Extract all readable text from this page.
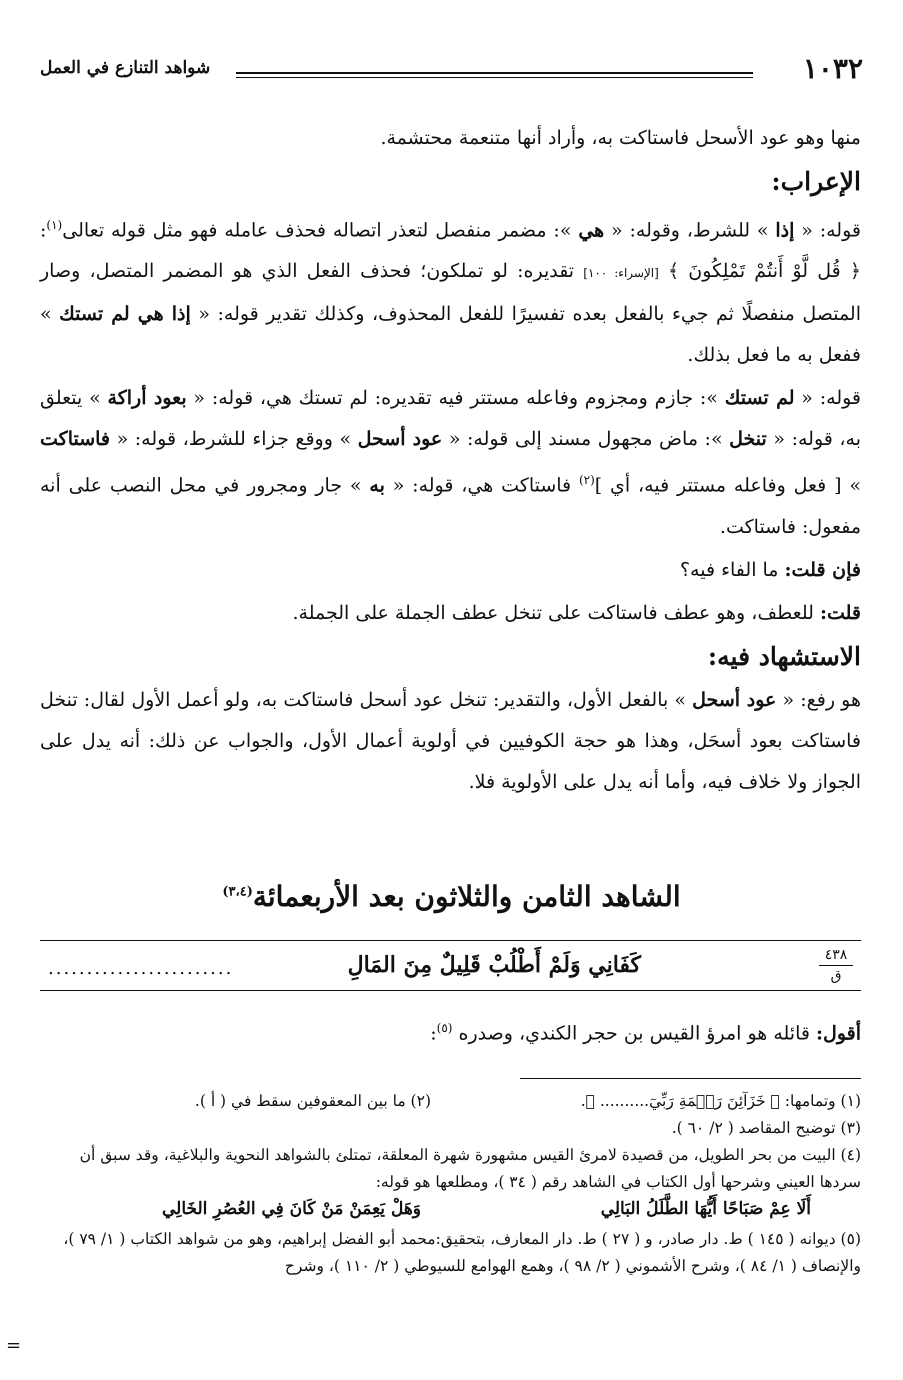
١٠٣٢
شواهد التنازع في العمل

منها وهو عود الأسحل فاستاكت به، وأراد أنها متنعمة محتشمة.

الإعراب:

قوله: « إذا » للشرط، وقوله: « هي »: مضمر منفصل لتعذر اتصاله فحذف عامله فهو مثل قوله تعالى$^{(١)}$: ﴿ قُل لَّوْ أَنتُمْ تَمْلِكُونَ ﴾ [الإسراء: ١٠٠] تقديره: لو تملكون؛ فحذف الفعل الذي هو المضمر المتصل، وصار المتصل منفصلًا ثم جيء بالفعل بعده تفسيرًا للفعل المحذوف، وكذلك تقدير قوله: « إذا هي لم تستك » ففعل به ما فعل بذلك.

قوله: « لم تستك »: جازم ومجزوم وفاعله مستتر فيه تقديره: لم تستك هي، قوله: « بعود أراكة » يتعلق به، قوله: « تنخل »: ماض مجهول مسند إلى قوله: « عود أسحل » ووقع جزاء للشرط، قوله: « فاستاكت » [ فعل وفاعله مستتر فيه، أي ]$^{(٢)}$ فاستاكت هي، قوله: « به » جار ومجرور في محل النصب على أنه مفعول: فاستاكت.

فإن قلت: ما الفاء فيه؟

قلت: للعطف، وهو عطف فاستاكت على تنخل عطف الجملة على الجملة.

الاستشهاد فيه:

هو رفع: « عود أسحل » بالفعل الأول، والتقدير: تنخل عود أسحل فاستاكت به، ولو أعمل الأول لقال: تنخل فاستاكت بعود أسحَل، وهذا هو حجة الكوفيين في أولوية أعمال الأول، والجواب عن ذلك: أنه يدل على الجواز ولا خلاف فيه، وأما أنه يدل على الأولوية فلا.

الشاهد الثامن والثلاثون بعد الأربعمائة$^{(٣،٤)}$
٤٣٨
ق
كَفَانِي وَلَمْ أَطْلُبْ قَلِيلٌ مِنَ المَالِ
........................
أقول: قائله هو امرؤ القيس بن حجر الكندي، وصدره $^{(٥)}$:
(١) وتمامها: ﴿ خَزَآئِنَ رَحۡمَةِ رَبِّيٓ.......... ﴾.
(٢) ما بين المعقوفين سقط في ( أ ).

(٣) توضيح المقاصد ( ٢/ ٦٠ ).

(٤) البيت من بحر الطويل، من قصيدة لامرئ القيس مشهورة شهرة المعلقة، تمتلئ بالشواهد النحوية والبلاغية، وقد سبق أن سردها العيني وشرحها أول الكتاب في الشاهد رقم ( ٣٤ )، ومطلعها هو قوله:

أَلَا عِمْ صَبَاحًا أَيُّهَا الطَّلَلُ البَالِي
وَهَلْ يَعِمَنْ مَنْ كَانَ فِي العُصُرِ الخَالِي

(٥) ديوانه ( ١٤٥ ) ط. دار صادر، و ( ٢٧ ) ط. دار المعارف، بتحقيق:محمد أبو الفضل إبراهيم، وهو من شواهد الكتاب ( ١/ ٧٩ )، والإنصاف ( ١/ ٨٤ )، وشرح الأشموني ( ٢/ ٩٨ )، وهمع الهوامع للسيوطي ( ٢/ ١١٠ )، وشرح

=
